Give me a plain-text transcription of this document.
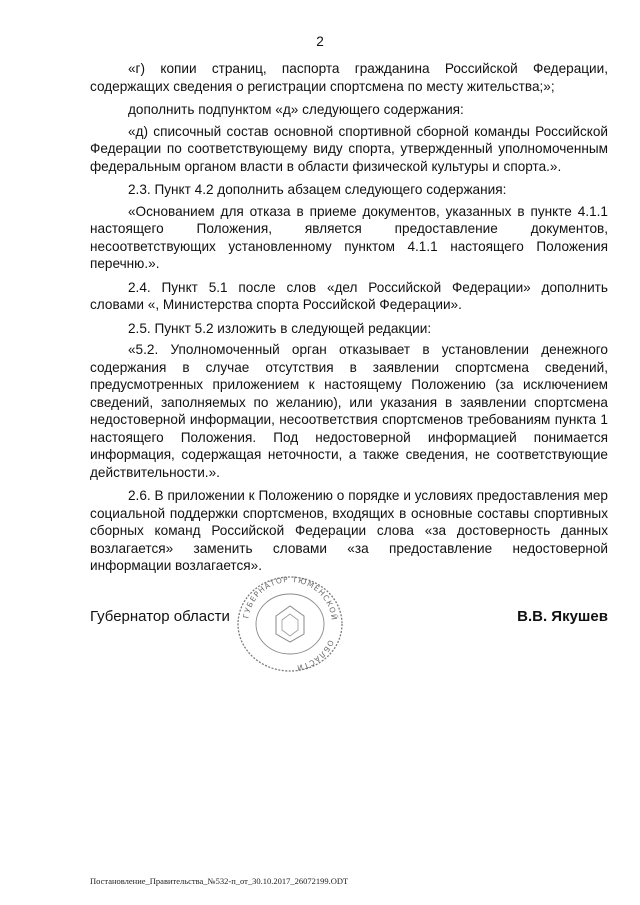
2

«г) копии страниц, паспорта гражданина Российской Федерации, содержащих сведения о регистрации спортсмена по месту жительства;»;

дополнить подпунктом «д» следующего содержания:

«д) списочный состав основной спортивной сборной команды Российской Федерации по соответствующему виду спорта, утвержденный уполномоченным федеральным органом власти в области физической культуры и спорта.».

2.3. Пункт 4.2 дополнить абзацем следующего содержания:

«Основанием для отказа в приеме документов, указанных в пункте 4.1.1 настоящего Положения, является предоставление документов, несоответствующих установленному пунктом 4.1.1 настоящего Положения перечню.».

2.4. Пункт 5.1 после слов «дел Российской Федерации» дополнить словами «, Министерства спорта Российской Федерации».

2.5. Пункт 5.2 изложить в следующей редакции:

«5.2. Уполномоченный орган отказывает в установлении денежного содержания в случае отсутствия в заявлении спортсмена сведений, предусмотренных приложением к настоящему Положению (за исключением сведений, заполняемых по желанию), или указания в заявлении спортсмена недостоверной информации, несоответствия спортсменов требованиям пункта 1 настоящего Положения. Под недостоверной информацией понимается информация, содержащая неточности, а также сведения, не соответствующие действительности.».

2.6. В приложении к Положению о порядке и условиях предоставления мер социальной поддержки спортсменов, входящих в основные составы спортивных сборных команд Российской Федерации слова «за достоверность данных возлагается» заменить словами «за предоставление недостоверной информации возлагается».

ГУБЕРНАТОР ТЮМЕНСКОЙ
ОБЛАСТИ
Губернатор области	В.В. Якушев
Постановление_Правительства_№532-п_от_30.10.2017_26072199.ODT
